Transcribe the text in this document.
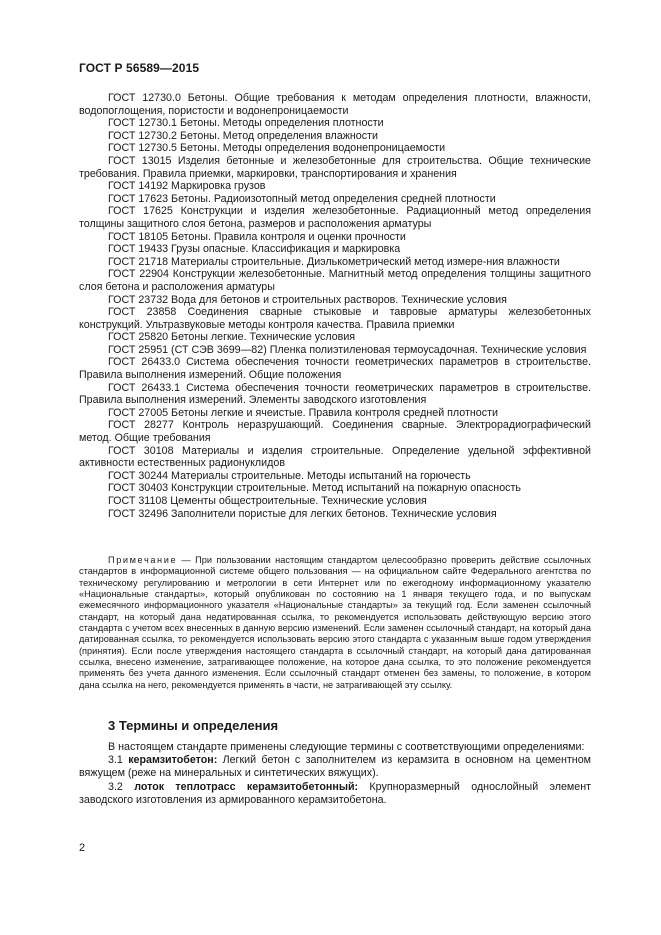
ГОСТ Р 56589—2015

ГОСТ 12730.0 Бетоны. Общие требования к методам определения плотности, влажности, водопоглощения, пористости и водонепроницаемости

ГОСТ 12730.1 Бетоны. Методы определения плотности

ГОСТ 12730.2 Бетоны. Метод определения влажности

ГОСТ 12730.5 Бетоны. Методы определения водонепроницаемости

ГОСТ 13015 Изделия бетонные и железобетонные для строительства. Общие технические требования. Правила приемки, маркировки, транспортирования и хранения

ГОСТ 14192 Маркировка грузов

ГОСТ 17623 Бетоны. Радиоизотопный метод определения средней плотности

ГОСТ 17625 Конструкции и изделия железобетонные. Радиационный метод определения толщины защитного слоя бетона, размеров и расположения арматуры

ГОСТ 18105 Бетоны. Правила контроля и оценки прочности

ГОСТ 19433 Грузы опасные. Классификация и маркировка

ГОСТ 21718 Материалы строительные. Диэлькометрический метод измере-ния влажности

ГОСТ 22904 Конструкции железобетонные. Магнитный метод определения толщины защитного слоя бетона и расположения арматуры

ГОСТ 23732 Вода для бетонов и строительных растворов. Технические условия

ГОСТ 23858 Соединения сварные стыковые и тавровые арматуры железобетонных конструкций. Ультразвуковые методы контроля качества. Правила приемки

ГОСТ 25820 Бетоны легкие. Технические условия

ГОСТ 25951 (СТ СЭВ 3699—82) Пленка полиэтиленовая термоусадочная. Технические условия

ГОСТ 26433.0 Система обеспечения точности геометрических параметров в строительстве. Правила выполнения измерений. Общие положения

ГОСТ 26433.1 Система обеспечения точности геометрических параметров в строительстве. Правила выполнения измерений. Элементы заводского изготовления

ГОСТ 27005 Бетоны легкие и ячеистые. Правила контроля средней плотности

ГОСТ 28277 Контроль неразрушающий. Соединения сварные. Электрорадиографический метод. Общие требования

ГОСТ 30108 Материалы и изделия строительные. Определение удельной эффективной активности естественных радионуклидов

ГОСТ 30244 Материалы строительные. Методы испытаний на горючесть

ГОСТ 30403 Конструкции строительные. Метод испытаний на пожарную опасность

ГОСТ 31108 Цементы общестроительные. Технические условия

ГОСТ 32496 Заполнители пористые для легких бетонов. Технические условия

Примечание — При пользовании настоящим стандартом целесообразно проверить действие ссылочных стандартов в информационной системе общего пользования — на официальном сайте Федерального агентства по техническому регулированию и метрологии в сети Интернет или по ежегодному информационному указателю «Национальные стандарты», который опубликован по состоянию на 1 января текущего года, и по выпускам ежемесячного информационного указателя «Национальные стандарты» за текущий год. Если заменен ссылочный стандарт, на который дана недатированная ссылка, то рекомендуется использовать действующую версию этого стандарта с учетом всех внесенных в данную версию изменений. Если заменен ссылочный стандарт, на который дана датированная ссылка, то рекомендуется использовать версию этого стандарта с указанным выше годом утверждения (принятия). Если после утверждения настоящего стандарта в ссылочный стандарт, на который дана датированная ссылка, внесено изменение, затрагивающее положение, на которое дана ссылка, то это положение рекомендуется применять без учета данного изменения. Если ссылочный стандарт отменен без замены, то положение, в котором дана ссылка на него, рекомендуется применять в части, не затрагивающей эту ссылку.

3 Термины и определения

В настоящем стандарте применены следующие термины с соответствующими определениями:

3.1 керамзитобетон: Легкий бетон с заполнителем из керамзита в основном на цементном вяжущем (реже на минеральных и синтетических вяжущих).

3.2 лоток теплотрасс керамзитобетонный: Крупноразмерный однослойный элемент заводского изготовления из армированного керамзитобетона.

2
